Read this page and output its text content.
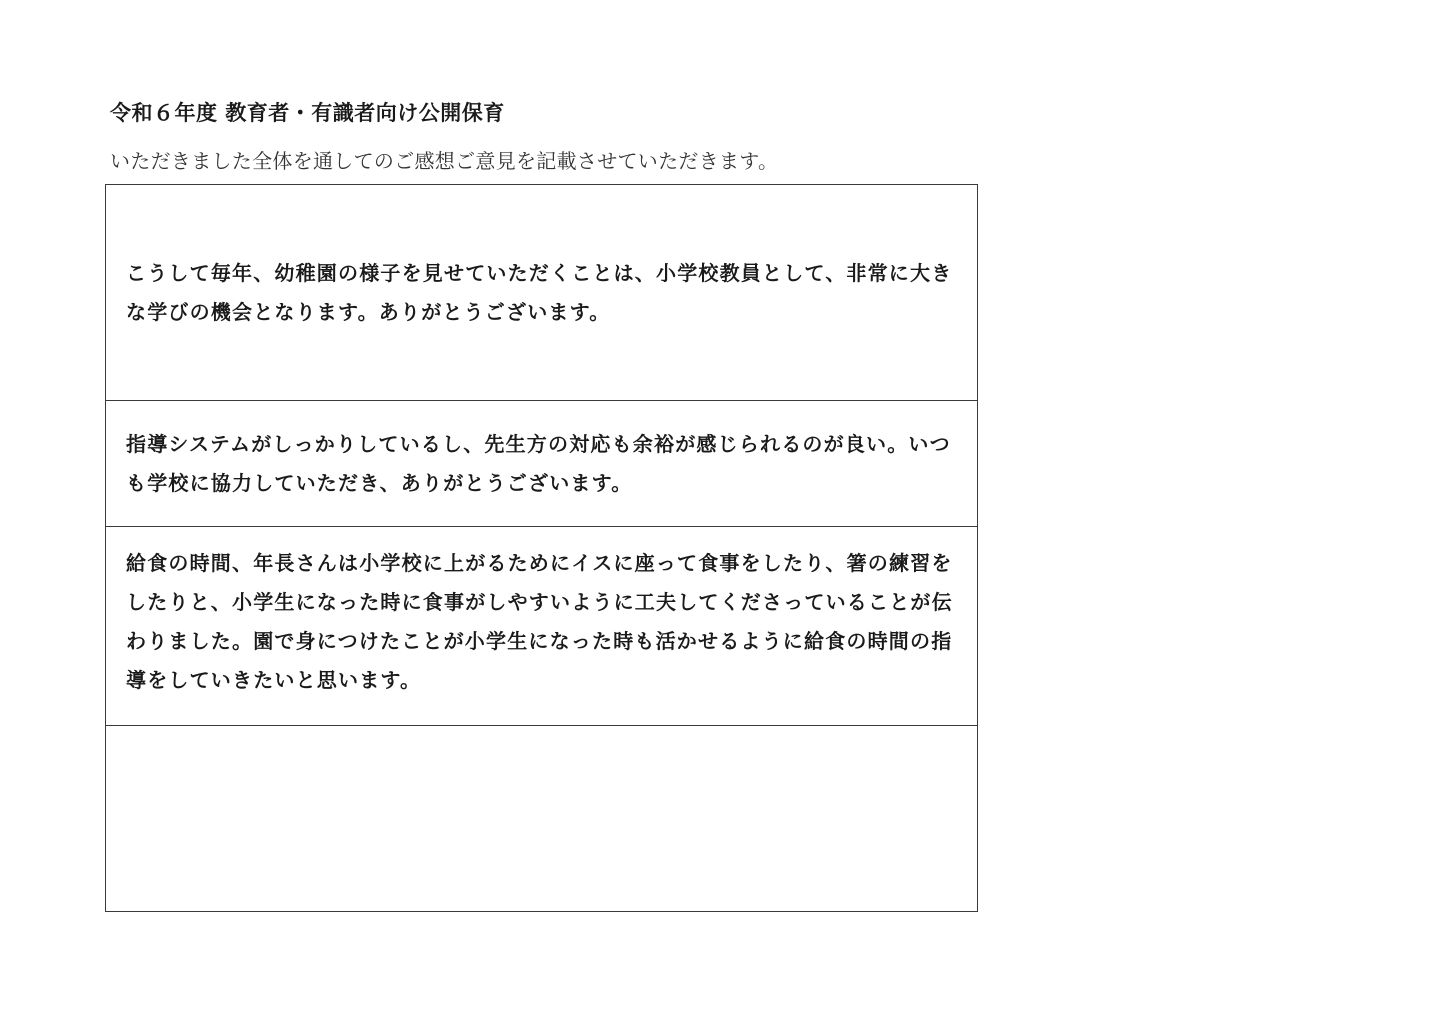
令和６年度 教育者・有識者向け公開保育
いただきました全体を通してのご感想ご意見を記載させていただきます。
こうして毎年、幼稚園の様子を見せていただくことは、小学校教員として、非常に大きな学びの機会となります。ありがとうございます。
指導システムがしっかりしているし、先生方の対応も余裕が感じられるのが良い。いつも学校に協力していただき、ありがとうございます。
給食の時間、年長さんは小学校に上がるためにイスに座って食事をしたり、箸の練習をしたりと、小学生になった時に食事がしやすいように工夫してくださっていることが伝わりました。園で身につけたことが小学生になった時も活かせるように給食の時間の指導をしていきたいと思います。
